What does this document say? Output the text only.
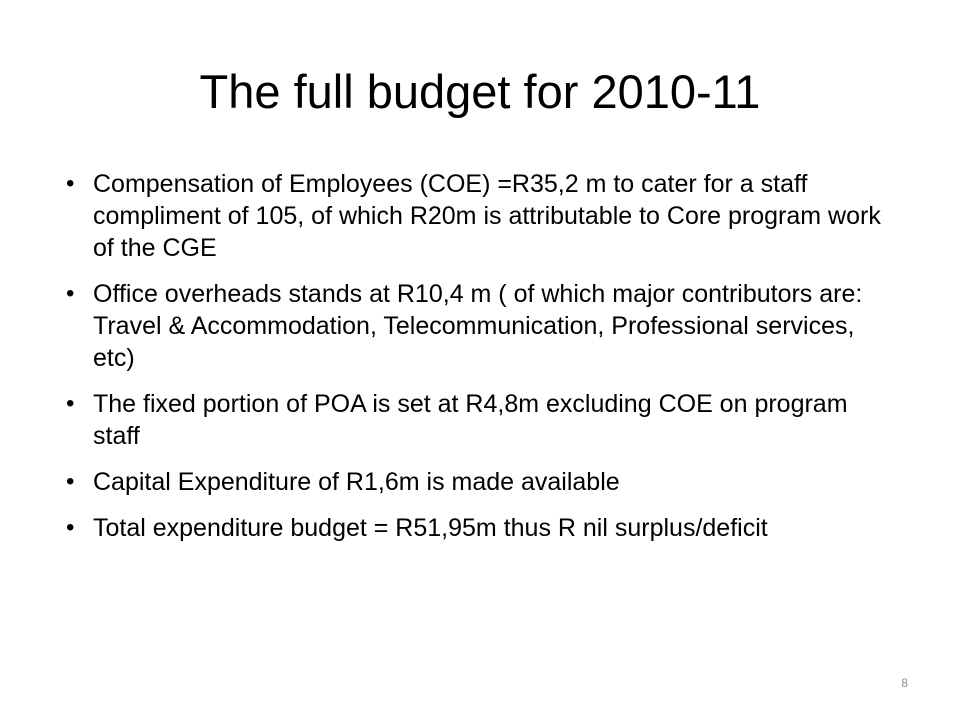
The full budget for 2010-11
• Compensation of Employees (COE) =R35,2 m to cater for a staff compliment of 105, of which R20m is attributable to Core program work of the CGE
• Office overheads stands at R10,4 m ( of which major contributors are: Travel & Accommodation, Telecommunication, Professional services, etc)
• The fixed portion of POA is set at R4,8m excluding COE on program staff
• Capital Expenditure of R1,6m is made available
• Total expenditure budget = R51,95m thus R nil surplus/deficit
8
